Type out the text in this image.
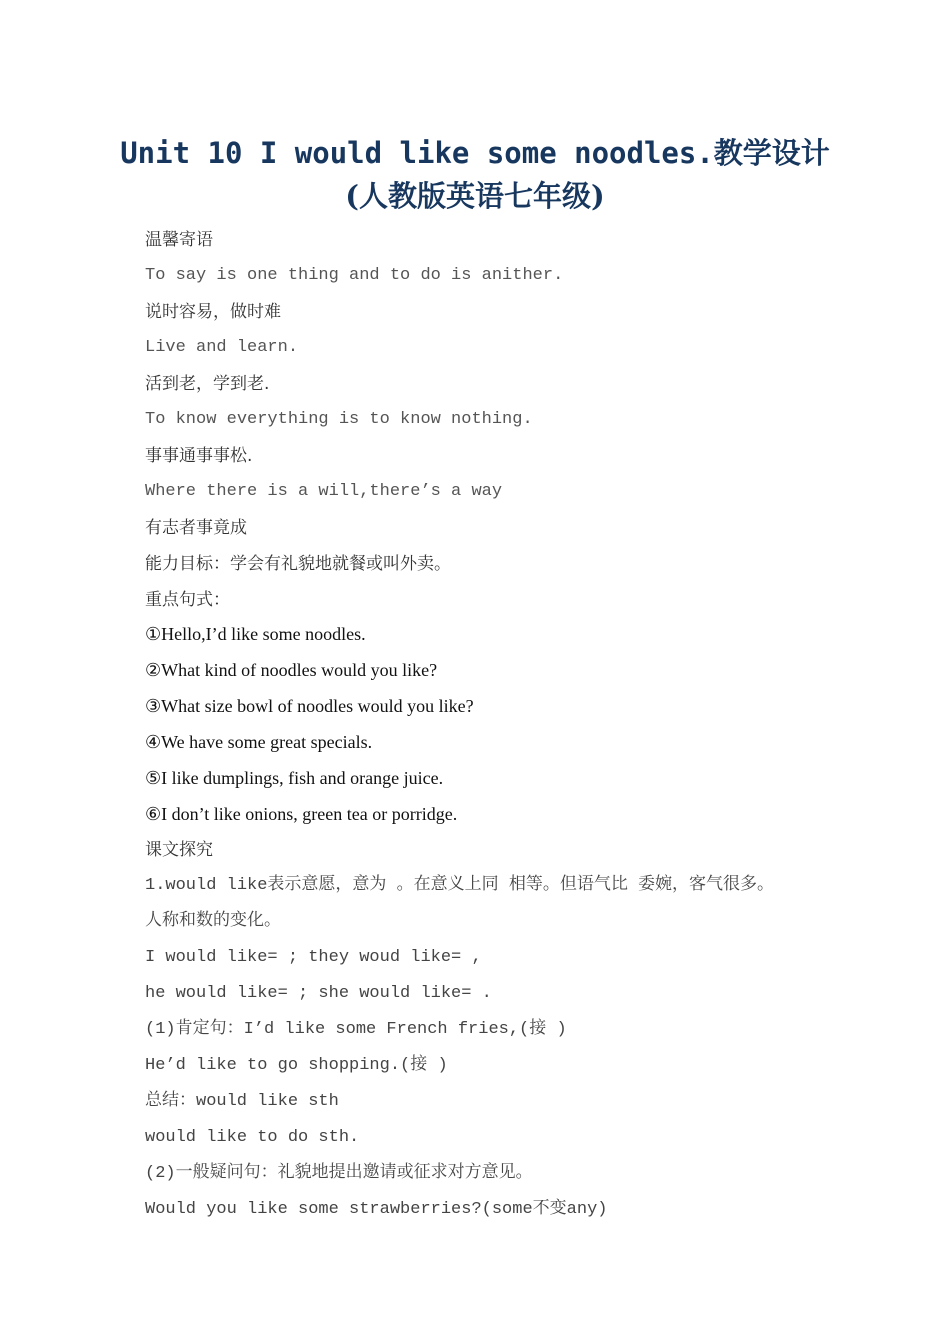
Unit 10 I would like some noodles.教学设计
(人教版英语七年级)
温馨寄语
To say is one thing and to do is anither.
说时容易，做时难
Live and learn.
活到老，学到老.
To know everything is to know nothing.
事事通事事松.
Where there is a will,there’s a way
有志者事竟成
能力目标：学会有礼貌地就餐或叫外卖。
重点句式：
①Hello,I’d like some noodles.
②What kind of noodles would you like?
③What size bowl of noodles would you like?
④We have some great specials.
⑤I like dumplings, fish and orange juice.
⑥I don’t like onions, green tea or porridge.
课文探究
1.would like表示意愿，意为 。在意义上同 相等。但语气比 委婉，客气很多。 人称和数的变化。
I would like= ; they woud like= ,
he would like= ; she would like= .
(1)肯定句：I’d like some French fries,(接 )
He’d like to go shopping.(接 )
总结：would like sth
would like to do sth.
(2)一般疑问句：礼貌地提出邀请或征求对方意见。
Would you like some strawberries?(some不变any)
